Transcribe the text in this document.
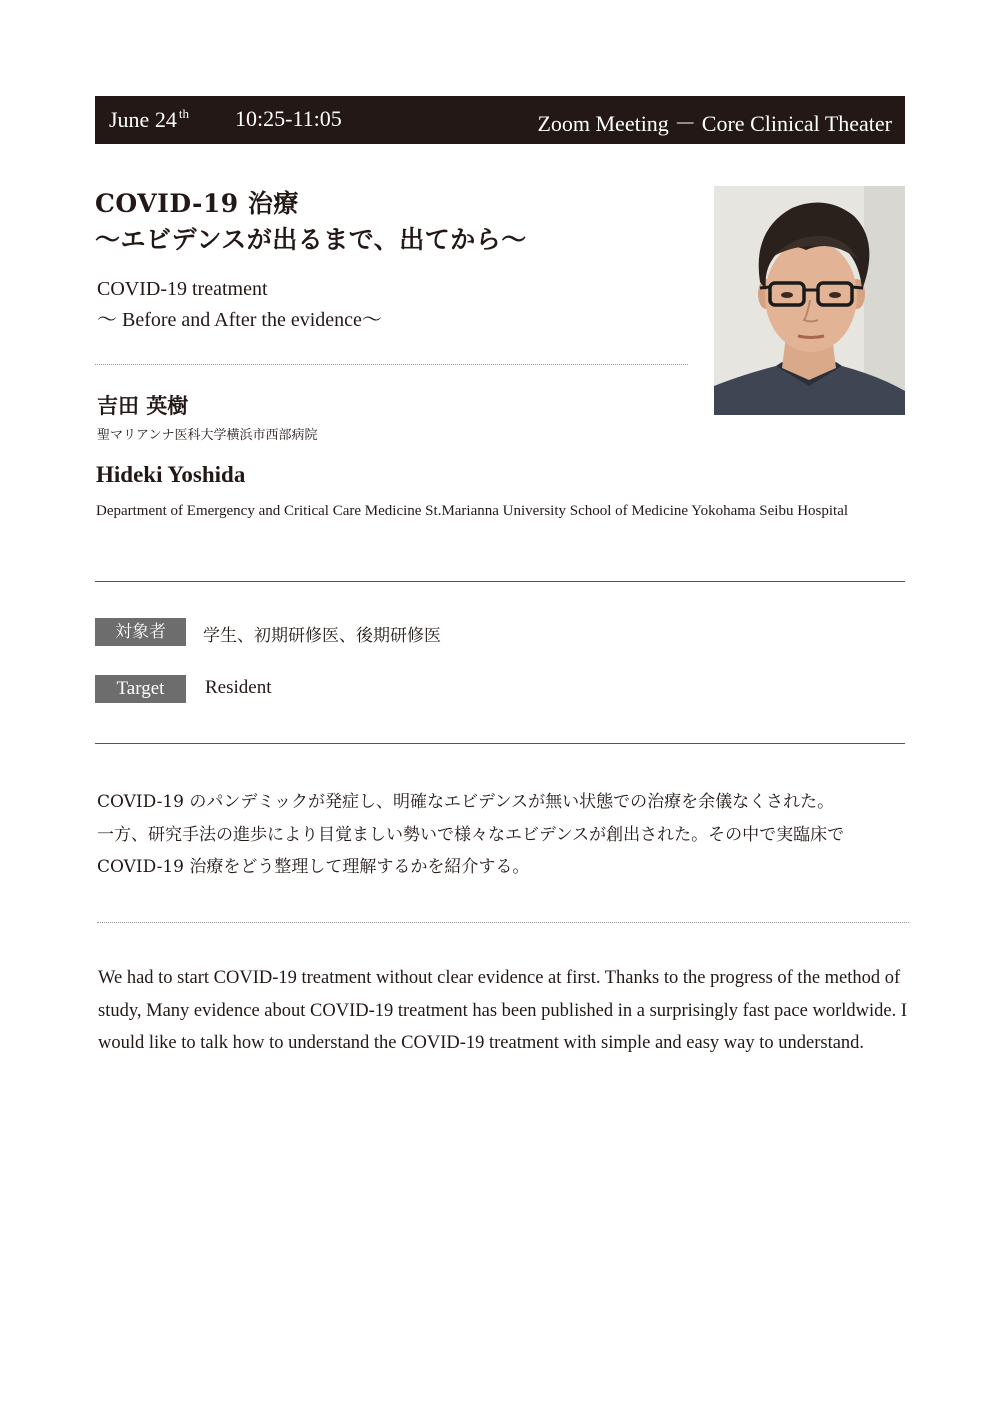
June 24 $^{th}$ 10:25-11:05	Zoom Meeting － Core Clinical Theater
COVID-19 治療
〜エビデンスが出るまで、出てから〜
COVID-19 treatment
〜 Before and After the evidence〜
吉田 英樹
聖マリアンナ医科大学横浜市西部病院
Hideki Yoshida
Department of Emergency and Critical Care Medicine St.Marianna University School of Medicine Yokohama Seibu Hospital
対象者	学生、初期研修医、後期研修医
Target	Resident

COVID-19 のパンデミックが発症し、明確なエビデンスが無い状態での治療を余儀なくされた。

一方、研究手法の進歩により目覚ましい勢いで様々なエビデンスが創出された。その中で実臨床で

COVID-19 治療をどう整理して理解するかを紹介する。

We had to start COVID-19 treatment without clear evidence at first. Thanks to the progress of the method of study, Many evidence about COVID-19 treatment has been published in a surprisingly fast pace worldwide. I would like to talk how to understand the COVID-19 treatment with simple and easy way to understand.
